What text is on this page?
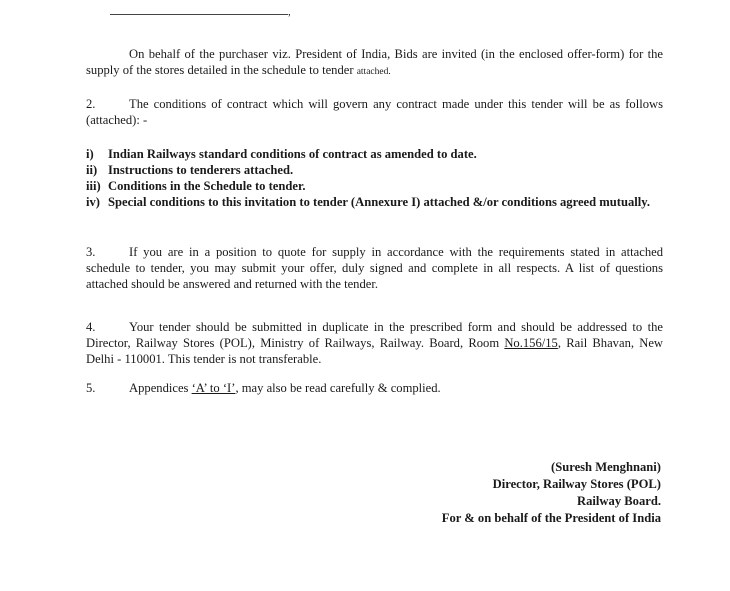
,

On behalf of the purchaser viz. President of India, Bids are invited (in the enclosed offer-form) for the supply of the stores detailed in the schedule to tender attached.

2.	The conditions of contract which will govern any contract made under this tender will be as follows (attached): -

i)	Indian Railways standard conditions of contract as amended to date.
ii) Instructions to tenderers attached.
iii) Conditions in the Schedule to tender.
iv) Special conditions to this invitation to tender (Annexure I) attached &/or conditions agreed mutually.

3.	If you are in a position to quote for supply in accordance with the requirements stated in attached schedule to tender, you may submit your offer, duly signed and complete in all respects. A list of questions attached should be answered and returned with the tender.

4.	Your tender should be submitted in duplicate in the prescribed form and should be addressed to the Director, Railway Stores (POL), Ministry of Railways, Railway. Board, Room No.156/15, Rail Bhavan, New Delhi - 110001. This tender is not transferable.

5.	Appendices ‘A’ to ‘I’, may also be read carefully & complied.

(Suresh Menghnani)
Director, Railway Stores (POL)
Railway Board.
For & on behalf of the President of India
